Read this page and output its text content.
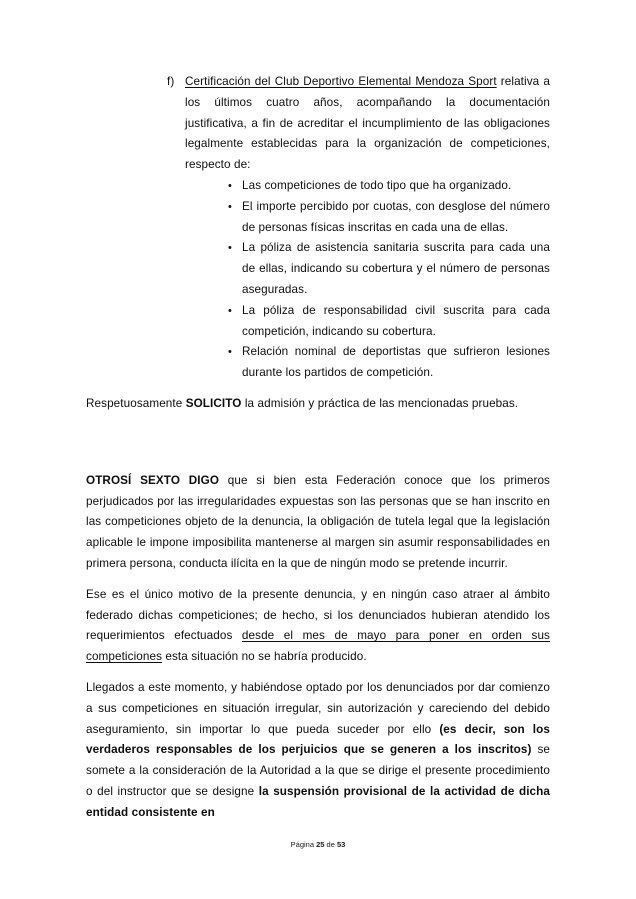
f) Certificación del Club Deportivo Elemental Mendoza Sport relativa a los últimos cuatro años, acompañando la documentación justificativa, a fin de acreditar el incumplimiento de las obligaciones legalmente establecidas para la organización de competiciones, respecto de:
• Las competiciones de todo tipo que ha organizado.
• El importe percibido por cuotas, con desglose del número de personas físicas inscritas en cada una de ellas.
• La póliza de asistencia sanitaria suscrita para cada una de ellas, indicando su cobertura y el número de personas aseguradas.
• La póliza de responsabilidad civil suscrita para cada competición, indicando su cobertura.
• Relación nominal de deportistas que sufrieron lesiones durante los partidos de competición.

Respetuosamente SOLICITO la admisión y práctica de las mencionadas pruebas.

OTROSÍ SEXTO DIGO que si bien esta Federación conoce que los primeros perjudicados por las irregularidades expuestas son las personas que se han inscrito en las competiciones objeto de la denuncia, la obligación de tutela legal que la legislación aplicable le impone imposibilita mantenerse al margen sin asumir responsabilidades en primera persona, conducta ilícita en la que de ningún modo se pretende incurrir.

Ese es el único motivo de la presente denuncia, y en ningún caso atraer al ámbito federado dichas competiciones; de hecho, si los denunciados hubieran atendido los requerimientos efectuados desde el mes de mayo para poner en orden sus competiciones esta situación no se habría producido.

Llegados a este momento, y habiéndose optado por los denunciados por dar comienzo a sus competiciones en situación irregular, sin autorización y careciendo del debido aseguramiento, sin importar lo que pueda suceder por ello (es decir, son los verdaderos responsables de los perjuicios que se generen a los inscritos) se somete a la consideración de la Autoridad a la que se dirige el presente procedimiento o del instructor que se designe la suspensión provisional de la actividad de dicha entidad consistente en

Página 25 de 53
